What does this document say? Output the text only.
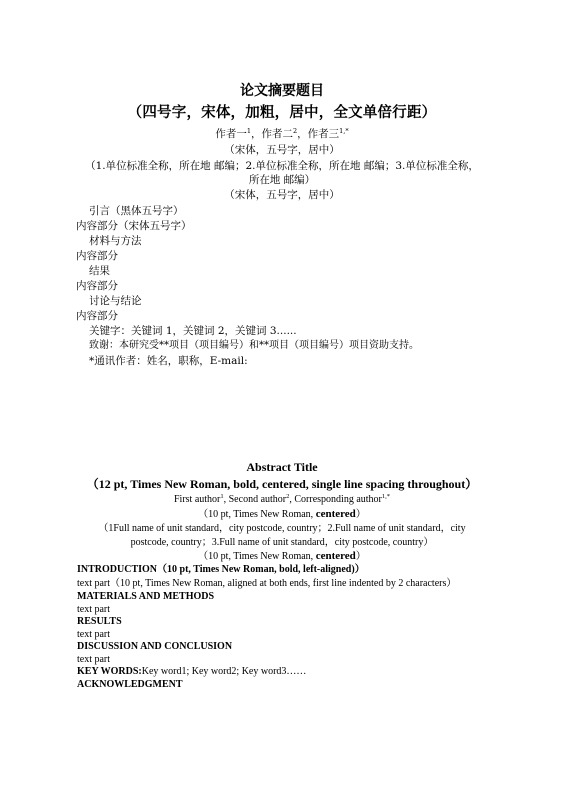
论文摘要题目
（四号字，宋体，加粗，居中，全文单倍行距）
作者一$^1$，作者二$^2$，作者三$^{1,*}$
（宋体，五号字，居中）
（1.单位标准全称，所在地 邮编；2.单位标准全称，所在地 邮编；3.单位标准全称，
所在地 邮编）
（宋体，五号字，居中）
引言（黑体五号字）
内容部分（宋体五号字）
材料与方法
内容部分
结果
内容部分
讨论与结论
内容部分
关键字：关键词 1，关键词 2，关键词 3......
致谢：本研究受**项目（项目编号）和**项目（项目编号）项目资助支持。
*通讯作者：姓名，职称，E-mail:
Abstract Title
（12 pt, Times New Roman, bold, centered, single line spacing throughout）
First author$^1$, Second author$^2$, Corresponding author$^{1,*}$
（10 pt, Times New Roman, centered）
（1Full name of unit standard，city postcode, country；2.Full name of unit standard，city
postcode, country；3.Full name of unit standard，city postcode, country）
（10 pt, Times New Roman, centered）
INTRODUCTION（10 pt, Times New Roman, bold, left-aligned)）
text part（10 pt, Times New Roman, aligned at both ends, first line indented by 2 characters）
MATERIALS AND METHODS
text part
RESULTS
text part
DISCUSSION AND CONCLUSION
text part
KEY WORDS:Key word1; Key word2; Key word3……
ACKNOWLEDGMENT
